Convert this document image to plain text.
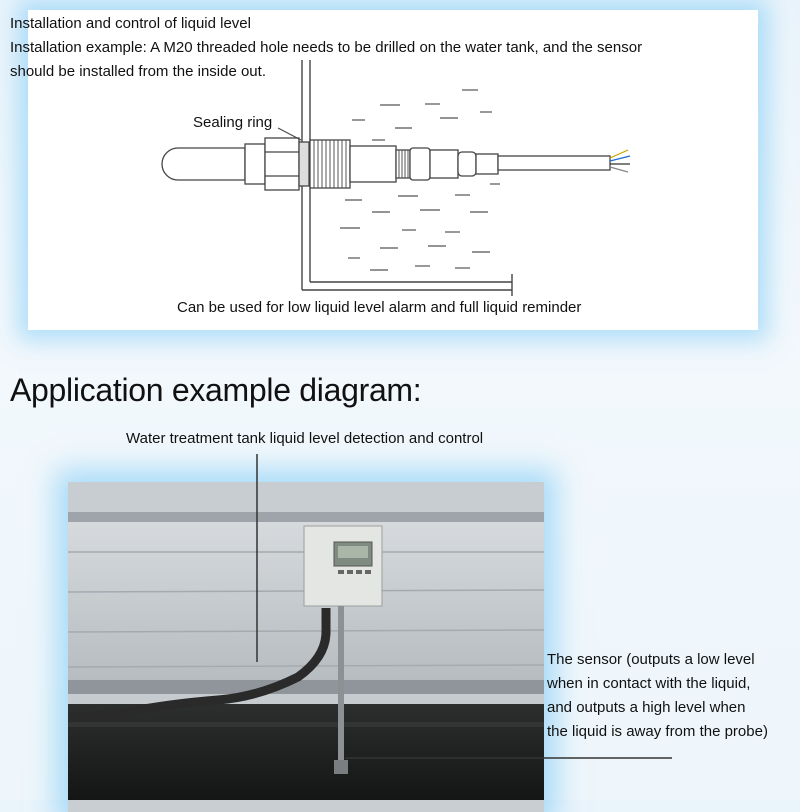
Installation and control of liquid level
Installation example: A M20 threaded hole needs to be drilled on the water tank, and the sensor
should be installed from the inside out.
Sealing ring
Can be used for low liquid level alarm and full liquid reminder
Application example diagram:
Water treatment tank liquid level detection and control
The sensor (outputs a low level
when in contact with the liquid,
and outputs a high level when
the liquid is away from the probe)
